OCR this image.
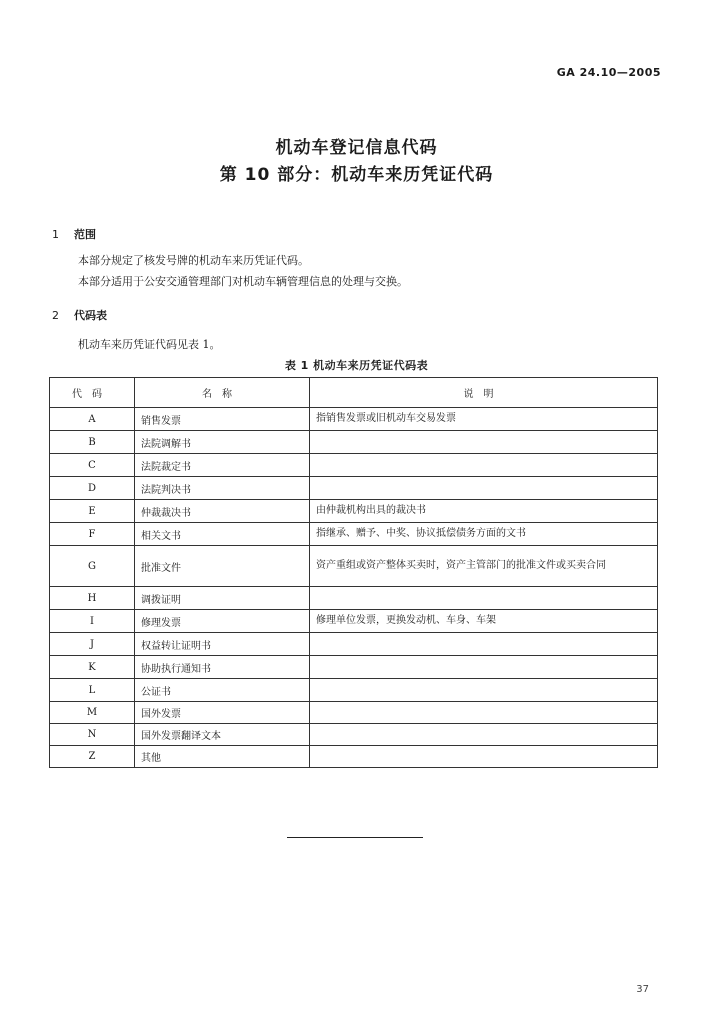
GA 24.10—2005
机动车登记信息代码
第 10 部分：机动车来历凭证代码
1 范围
本部分规定了核发号牌的机动车来历凭证代码。
本部分适用于公安交通管理部门对机动车辆管理信息的处理与交换。
2 代码表
机动车来历凭证代码见表 1。
表 1 机动车来历凭证代码表
代码	名称	说明
A	销售发票	指销售发票或旧机动车交易发票
B	法院调解书	
C	法院裁定书	
D	法院判决书	
E	仲裁裁决书	由仲裁机构出具的裁决书
F	相关文书	指继承、赠予、中奖、协议抵偿债务方面的文书
G	批准文件	资产重组或资产整体买卖时，资产主管部门的批准文件或买卖合同
H	调拨证明	
I	修理发票	修理单位发票，更换发动机、车身、车架
J	权益转让证明书	
K	协助执行通知书	
L	公证书	
M	国外发票	
N	国外发票翻译文本	
Z	其他	
37
